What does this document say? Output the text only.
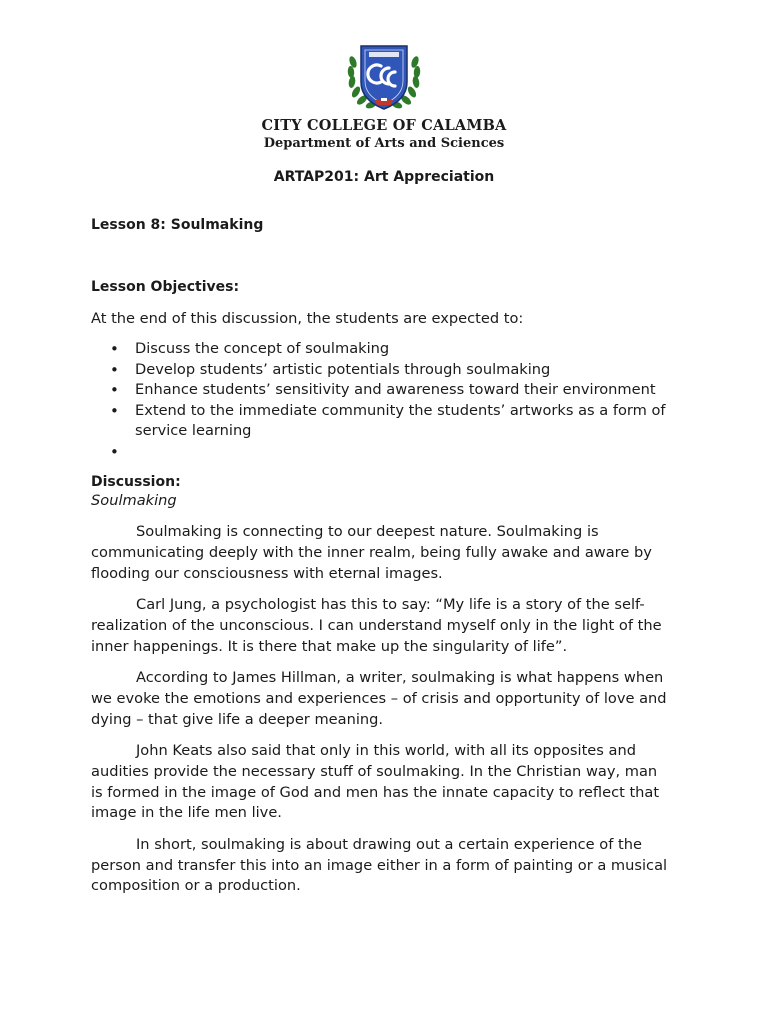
CITY COLLEGE OF CALAMBA
Department of Arts and Sciences
ARTAP201: Art Appreciation
Lesson 8: Soulmaking
Lesson Objectives:
At the end of this discussion, the students are expected to:
• Discuss the concept of soulmaking
• Develop students’ artistic potentials through soulmaking
• Enhance students’ sensitivity and awareness toward their environment
• Extend to the immediate community the students’ artworks as a form of service learning
•
Discussion:
Soulmaking

Soulmaking is connecting to our deepest nature. Soulmaking is communicating deeply with the inner realm, being fully awake and aware by flooding our consciousness with eternal images.

Carl Jung, a psychologist has this to say: “My life is a story of the self-realization of the unconscious. I can understand myself only in the light of the inner happenings. It is there that make up the singularity of life”.

According to James Hillman, a writer, soulmaking is what happens when we evoke the emotions and experiences – of crisis and opportunity of love and dying – that give life a deeper meaning.

John Keats also said that only in this world, with all its opposites and audities provide the necessary stuff of soulmaking. In the Christian way, man is formed in the image of God and men has the innate capacity to reflect that image in the life men live.

In short, soulmaking is about drawing out a certain experience of the person and transfer this into an image either in a form of painting or a musical composition or a production.
